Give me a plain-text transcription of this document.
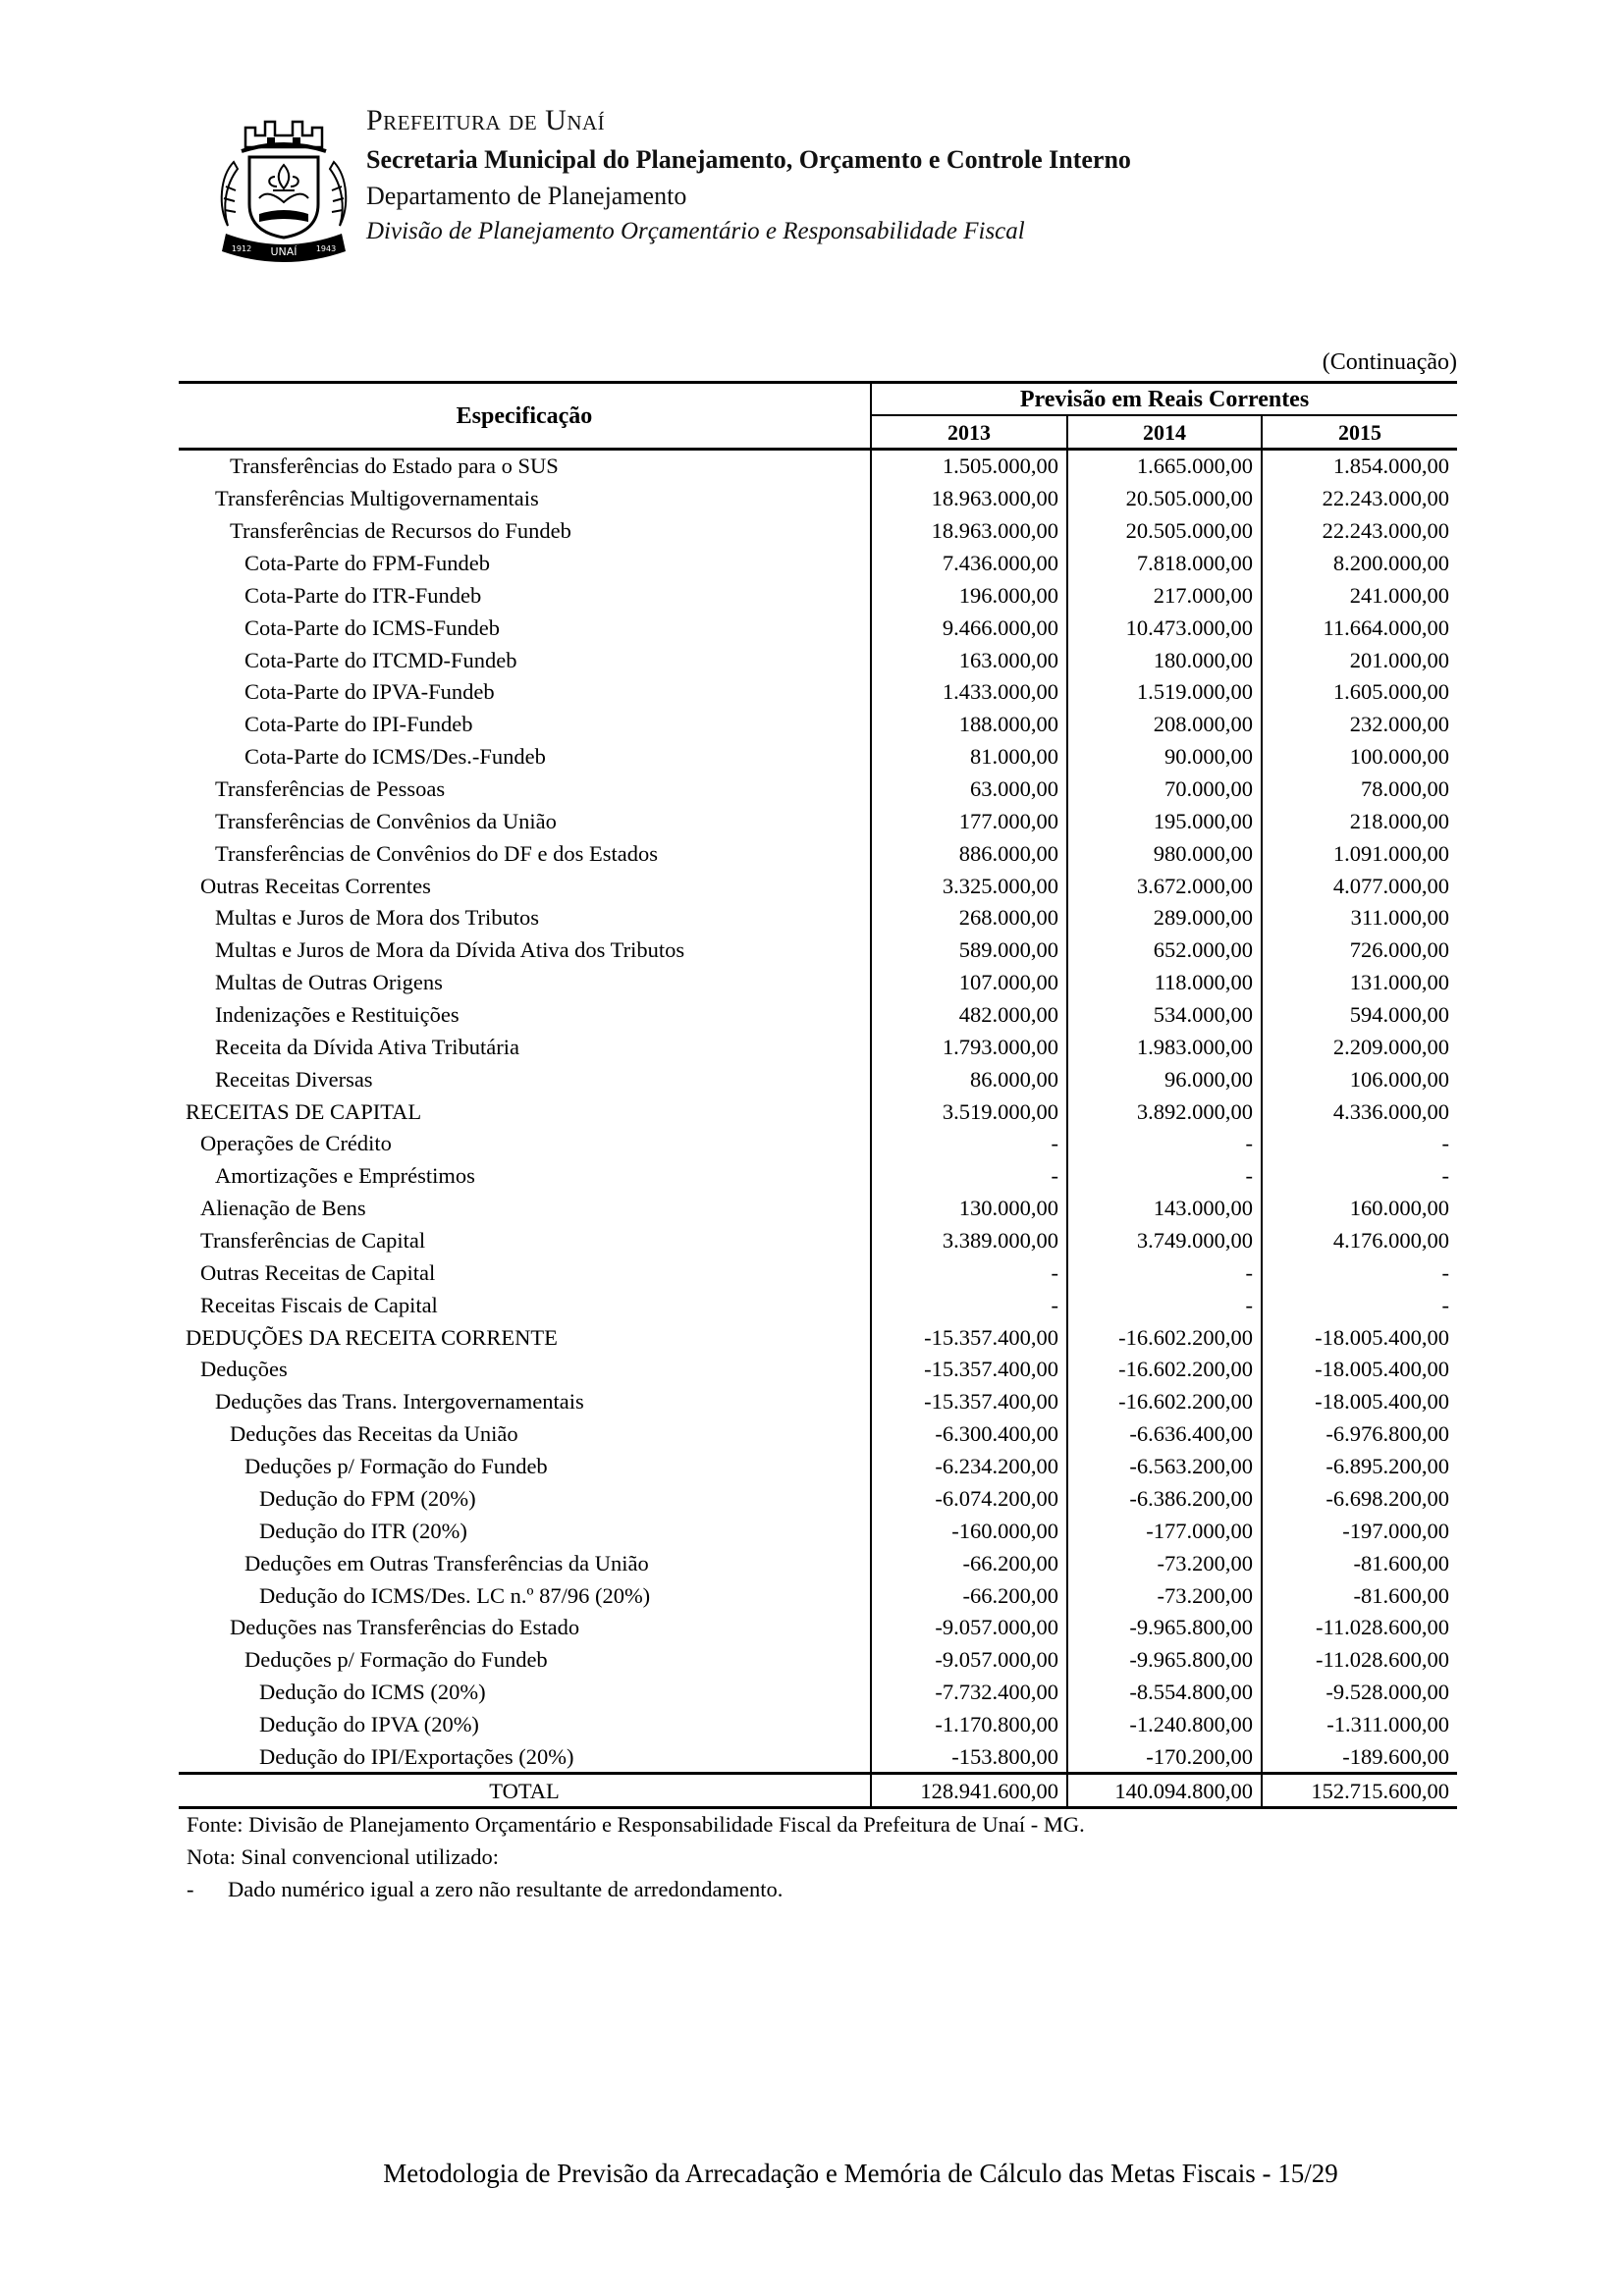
UNAÍ
1912	1943
Prefeitura de Unaí
Secretaria Municipal do Planejamento, Orçamento e Controle Interno
Departamento de Planejamento
Divisão de Planejamento Orçamentário e Responsabilidade Fiscal
(Continuação)
Especificação
Previsão em Reais Correntes
2013	2014	2015
Transferências do Estado para o SUS	1.505.000,00	1.665.000,00	1.854.000,00
Transferências Multigovernamentais	18.963.000,00	20.505.000,00	22.243.000,00
Transferências de Recursos do Fundeb	18.963.000,00	20.505.000,00	22.243.000,00
Cota-Parte do FPM-Fundeb	7.436.000,00	7.818.000,00	8.200.000,00
Cota-Parte do ITR-Fundeb	196.000,00	217.000,00	241.000,00
Cota-Parte do ICMS-Fundeb	9.466.000,00	10.473.000,00	11.664.000,00
Cota-Parte do ITCMD-Fundeb	163.000,00	180.000,00	201.000,00
Cota-Parte do IPVA-Fundeb	1.433.000,00	1.519.000,00	1.605.000,00
Cota-Parte do IPI-Fundeb	188.000,00	208.000,00	232.000,00
Cota-Parte do ICMS/Des.-Fundeb	81.000,00	90.000,00	100.000,00
Transferências de Pessoas	63.000,00	70.000,00	78.000,00
Transferências de Convênios da União	177.000,00	195.000,00	218.000,00
Transferências de Convênios do DF e dos Estados	886.000,00	980.000,00	1.091.000,00
Outras Receitas Correntes	3.325.000,00	3.672.000,00	4.077.000,00
Multas e Juros de Mora dos Tributos	268.000,00	289.000,00	311.000,00
Multas e Juros de Mora da Dívida Ativa dos Tributos	589.000,00	652.000,00	726.000,00
Multas de Outras Origens	107.000,00	118.000,00	131.000,00
Indenizações e Restituições	482.000,00	534.000,00	594.000,00
Receita da Dívida Ativa Tributária	1.793.000,00	1.983.000,00	2.209.000,00
Receitas Diversas	86.000,00	96.000,00	106.000,00
RECEITAS DE CAPITAL	3.519.000,00	3.892.000,00	4.336.000,00
Operações de Crédito	-	-	-
Amortizações e Empréstimos	-	-	-
Alienação de Bens	130.000,00	143.000,00	160.000,00
Transferências de Capital	3.389.000,00	3.749.000,00	4.176.000,00
Outras Receitas de Capital	-	-	-
Receitas Fiscais de Capital	-	-	-
DEDUÇÕES DA RECEITA CORRENTE	-15.357.400,00	-16.602.200,00	-18.005.400,00
Deduções	-15.357.400,00	-16.602.200,00	-18.005.400,00
Deduções das Trans. Intergovernamentais	-15.357.400,00	-16.602.200,00	-18.005.400,00
Deduções das Receitas da União	-6.300.400,00	-6.636.400,00	-6.976.800,00
Deduções p/ Formação do Fundeb	-6.234.200,00	-6.563.200,00	-6.895.200,00
Dedução do FPM (20%)	-6.074.200,00	-6.386.200,00	-6.698.200,00
Dedução do ITR (20%)	-160.000,00	-177.000,00	-197.000,00
Deduções em Outras Transferências da União	-66.200,00	-73.200,00	-81.600,00
Dedução do ICMS/Des. LC n.º 87/96 (20%)	-66.200,00	-73.200,00	-81.600,00
Deduções nas Transferências do Estado	-9.057.000,00	-9.965.800,00	-11.028.600,00
Deduções p/ Formação do Fundeb	-9.057.000,00	-9.965.800,00	-11.028.600,00
Dedução do ICMS (20%)	-7.732.400,00	-8.554.800,00	-9.528.000,00
Dedução do IPVA (20%)	-1.170.800,00	-1.240.800,00	-1.311.000,00
Dedução do IPI/Exportações (20%)	-153.800,00	-170.200,00	-189.600,00
TOTAL	128.941.600,00	140.094.800,00	152.715.600,00
Fonte: Divisão de Planejamento Orçamentário e Responsabilidade Fiscal da Prefeitura de Unaí - MG.
Nota: Sinal convencional utilizado:
-	Dado numérico igual a zero não resultante de arredondamento.
Metodologia de Previsão da Arrecadação e Memória de Cálculo das Metas Fiscais - 15/29
